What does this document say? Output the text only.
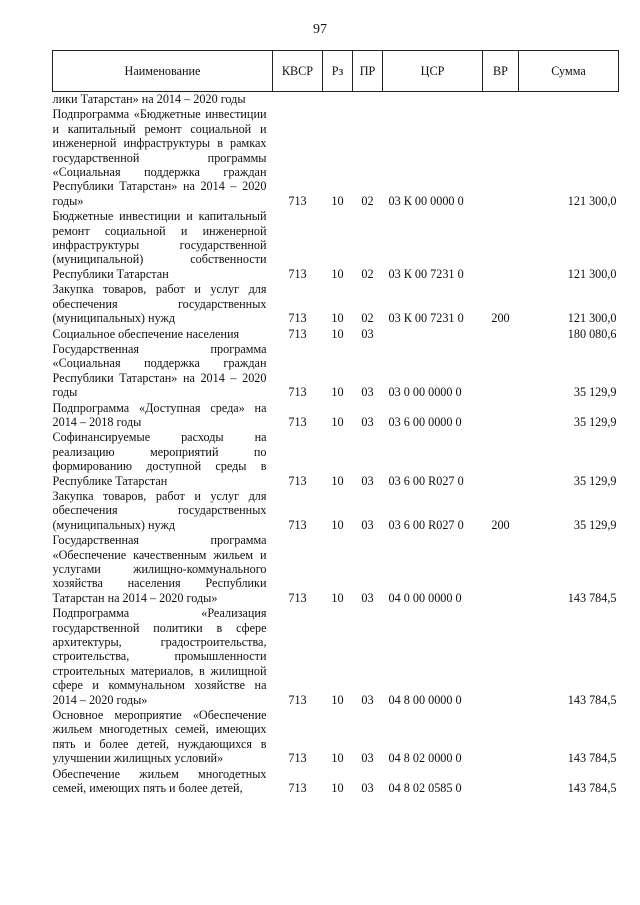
97
Наименование	КВСР	Рз	ПР	ЦСР	ВР	Сумма
лики Татарстан» на 2014 – 2020 годы						
Подпрограмма «Бюджетные инвестиции и капитальный ремонт социальной и инженерной инфраструктуры в рамках государственной программы «Социальная поддержка граждан Республики Татарстан» на 2014 – 2020 годы»	713	10	02	03 К 00 0000 0		121 300,0
Бюджетные инвестиции и капитальный ремонт социальной и инженерной инфраструктуры государственной (муниципальной) собственности Республики Татарстан	713	10	02	03 К 00 7231 0		121 300,0
Закупка товаров, работ и услуг для обеспечения государственных (муниципальных) нужд	713	10	02	03 К 00 7231 0	200	121 300,0
Социальное обеспечение населения	713	10	03			180 080,6
Государственная программа «Социальная поддержка граждан Республики Татарстан» на 2014 – 2020 годы	713	10	03	03 0 00 0000 0		35 129,9
Подпрограмма «Доступная среда» на 2014 – 2018 годы	713	10	03	03 6 00 0000 0		35 129,9
Софинансируемые расходы на реализацию мероприятий по формированию доступной среды в Республике Татарстан	713	10	03	03 6 00 R027 0		35 129,9
Закупка товаров, работ и услуг для обеспечения государственных (муниципальных) нужд	713	10	03	03 6 00 R027 0	200	35 129,9
Государственная программа «Обеспечение качественным жильем и услугами жилищно-коммунального хозяйства населения Республики Татарстан на 2014 – 2020 годы»	713	10	03	04 0 00 0000 0		143 784,5
Подпрограмма «Реализация государственной политики в сфере архитектуры, градостроительства, строительства, промышленности строительных материалов, в жилищной сфере и коммунальном хозяйстве на 2014 – 2020 годы»	713	10	03	04 8 00 0000 0		143 784,5
Основное мероприятие «Обеспечение жильем многодетных семей, имеющих пять и более детей, нуждающихся в улучшении жилищных условий»	713	10	03	04 8 02 0000 0		143 784,5
Обеспечение жильем многодетных семей, имеющих пять и более детей,	713	10	03	04 8 02 0585 0		143 784,5
